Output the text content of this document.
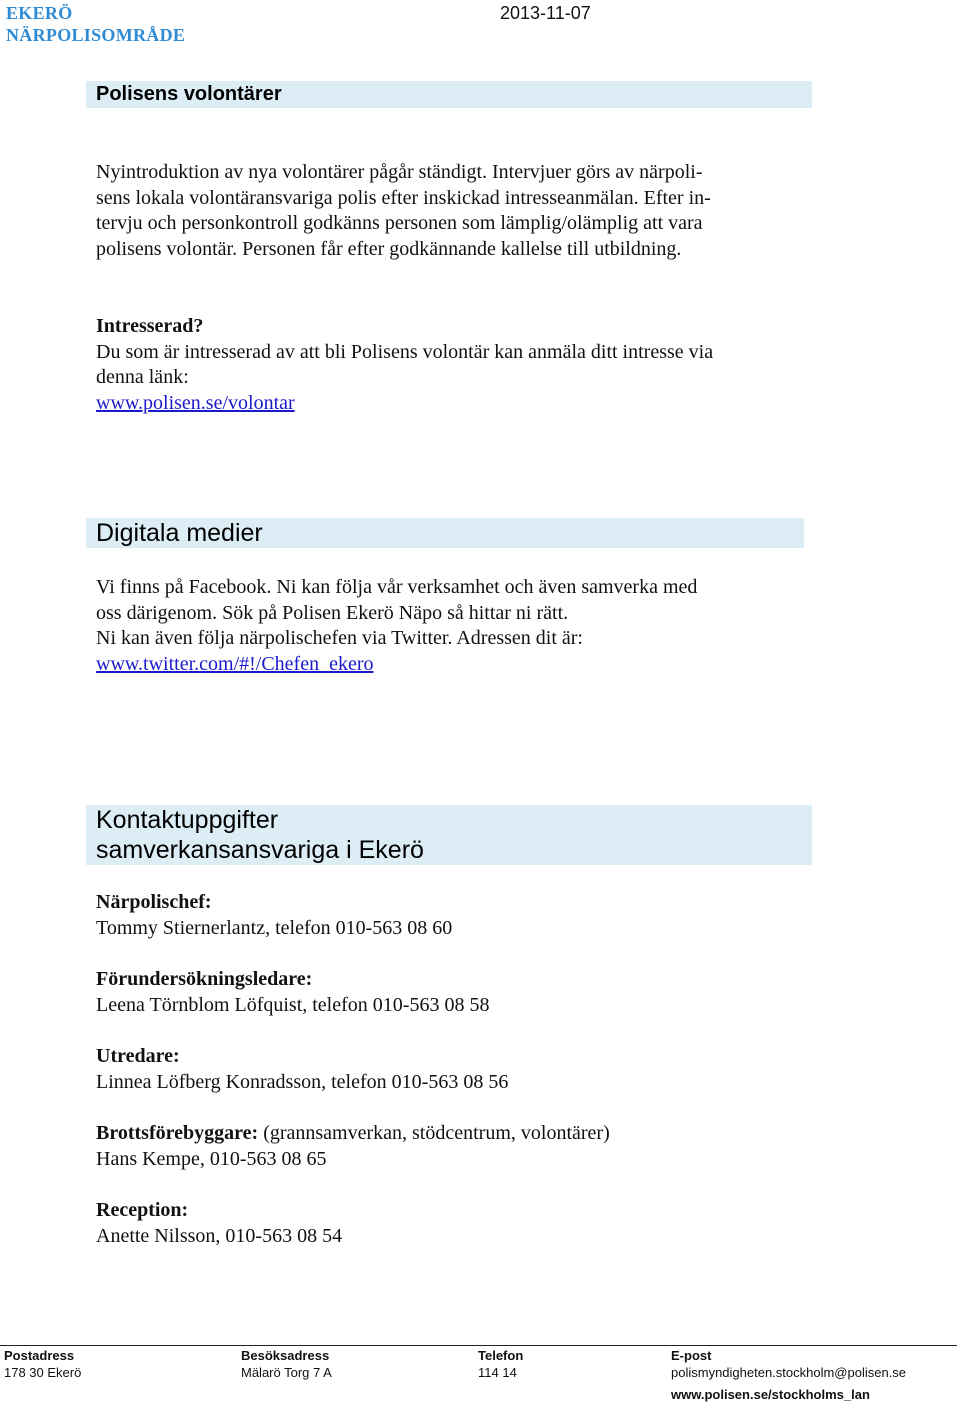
EKERÖ
NÄRPOLISOMRÅDE
2013-11-07
Polisens volontärer
Nyintroduktion av nya volontärer pågår ständigt. Intervjuer görs av närpoli-
sens lokala volontäransvariga polis efter inskickad intresseanmälan. Efter in-
tervju och personkontroll godkänns personen som lämplig/olämplig att vara
polisens volontär. Personen får efter godkännande kallelse till utbildning.
Intresserad?
Du som är intresserad av att bli Polisens volontär kan anmäla ditt intresse via
denna länk:
www.polisen.se/volontar
Digitala medier
Vi finns på Facebook. Ni kan följa vår verksamhet och även samverka med
oss därigenom. Sök på Polisen Ekerö Näpo så hittar ni rätt.
Ni kan även följa närpolischefen via Twitter. Adressen dit är:
www.twitter.com/#!/Chefen_ekero
Kontaktuppgifter
samverkansansvariga i Ekerö
Närpolischef:
Tommy Stiernerlantz, telefon 010-563 08 60
Förundersökningsledare:
Leena Törnblom Löfquist, telefon 010-563 08 58
Utredare:
Linnea Löfberg Konradsson, telefon 010-563 08 56
Brottsförebyggare: (grannsamverkan, stödcentrum, volontärer)
Hans Kempe, 010-563 08 65
Reception:
Anette Nilsson, 010-563 08 54
Postadress
178 30 Ekerö
Besöksadress
Mälarö Torg 7 A
Telefon
114 14
E-post
polismyndigheten.stockholm@polisen.se
www.polisen.se/stockholms_lan
